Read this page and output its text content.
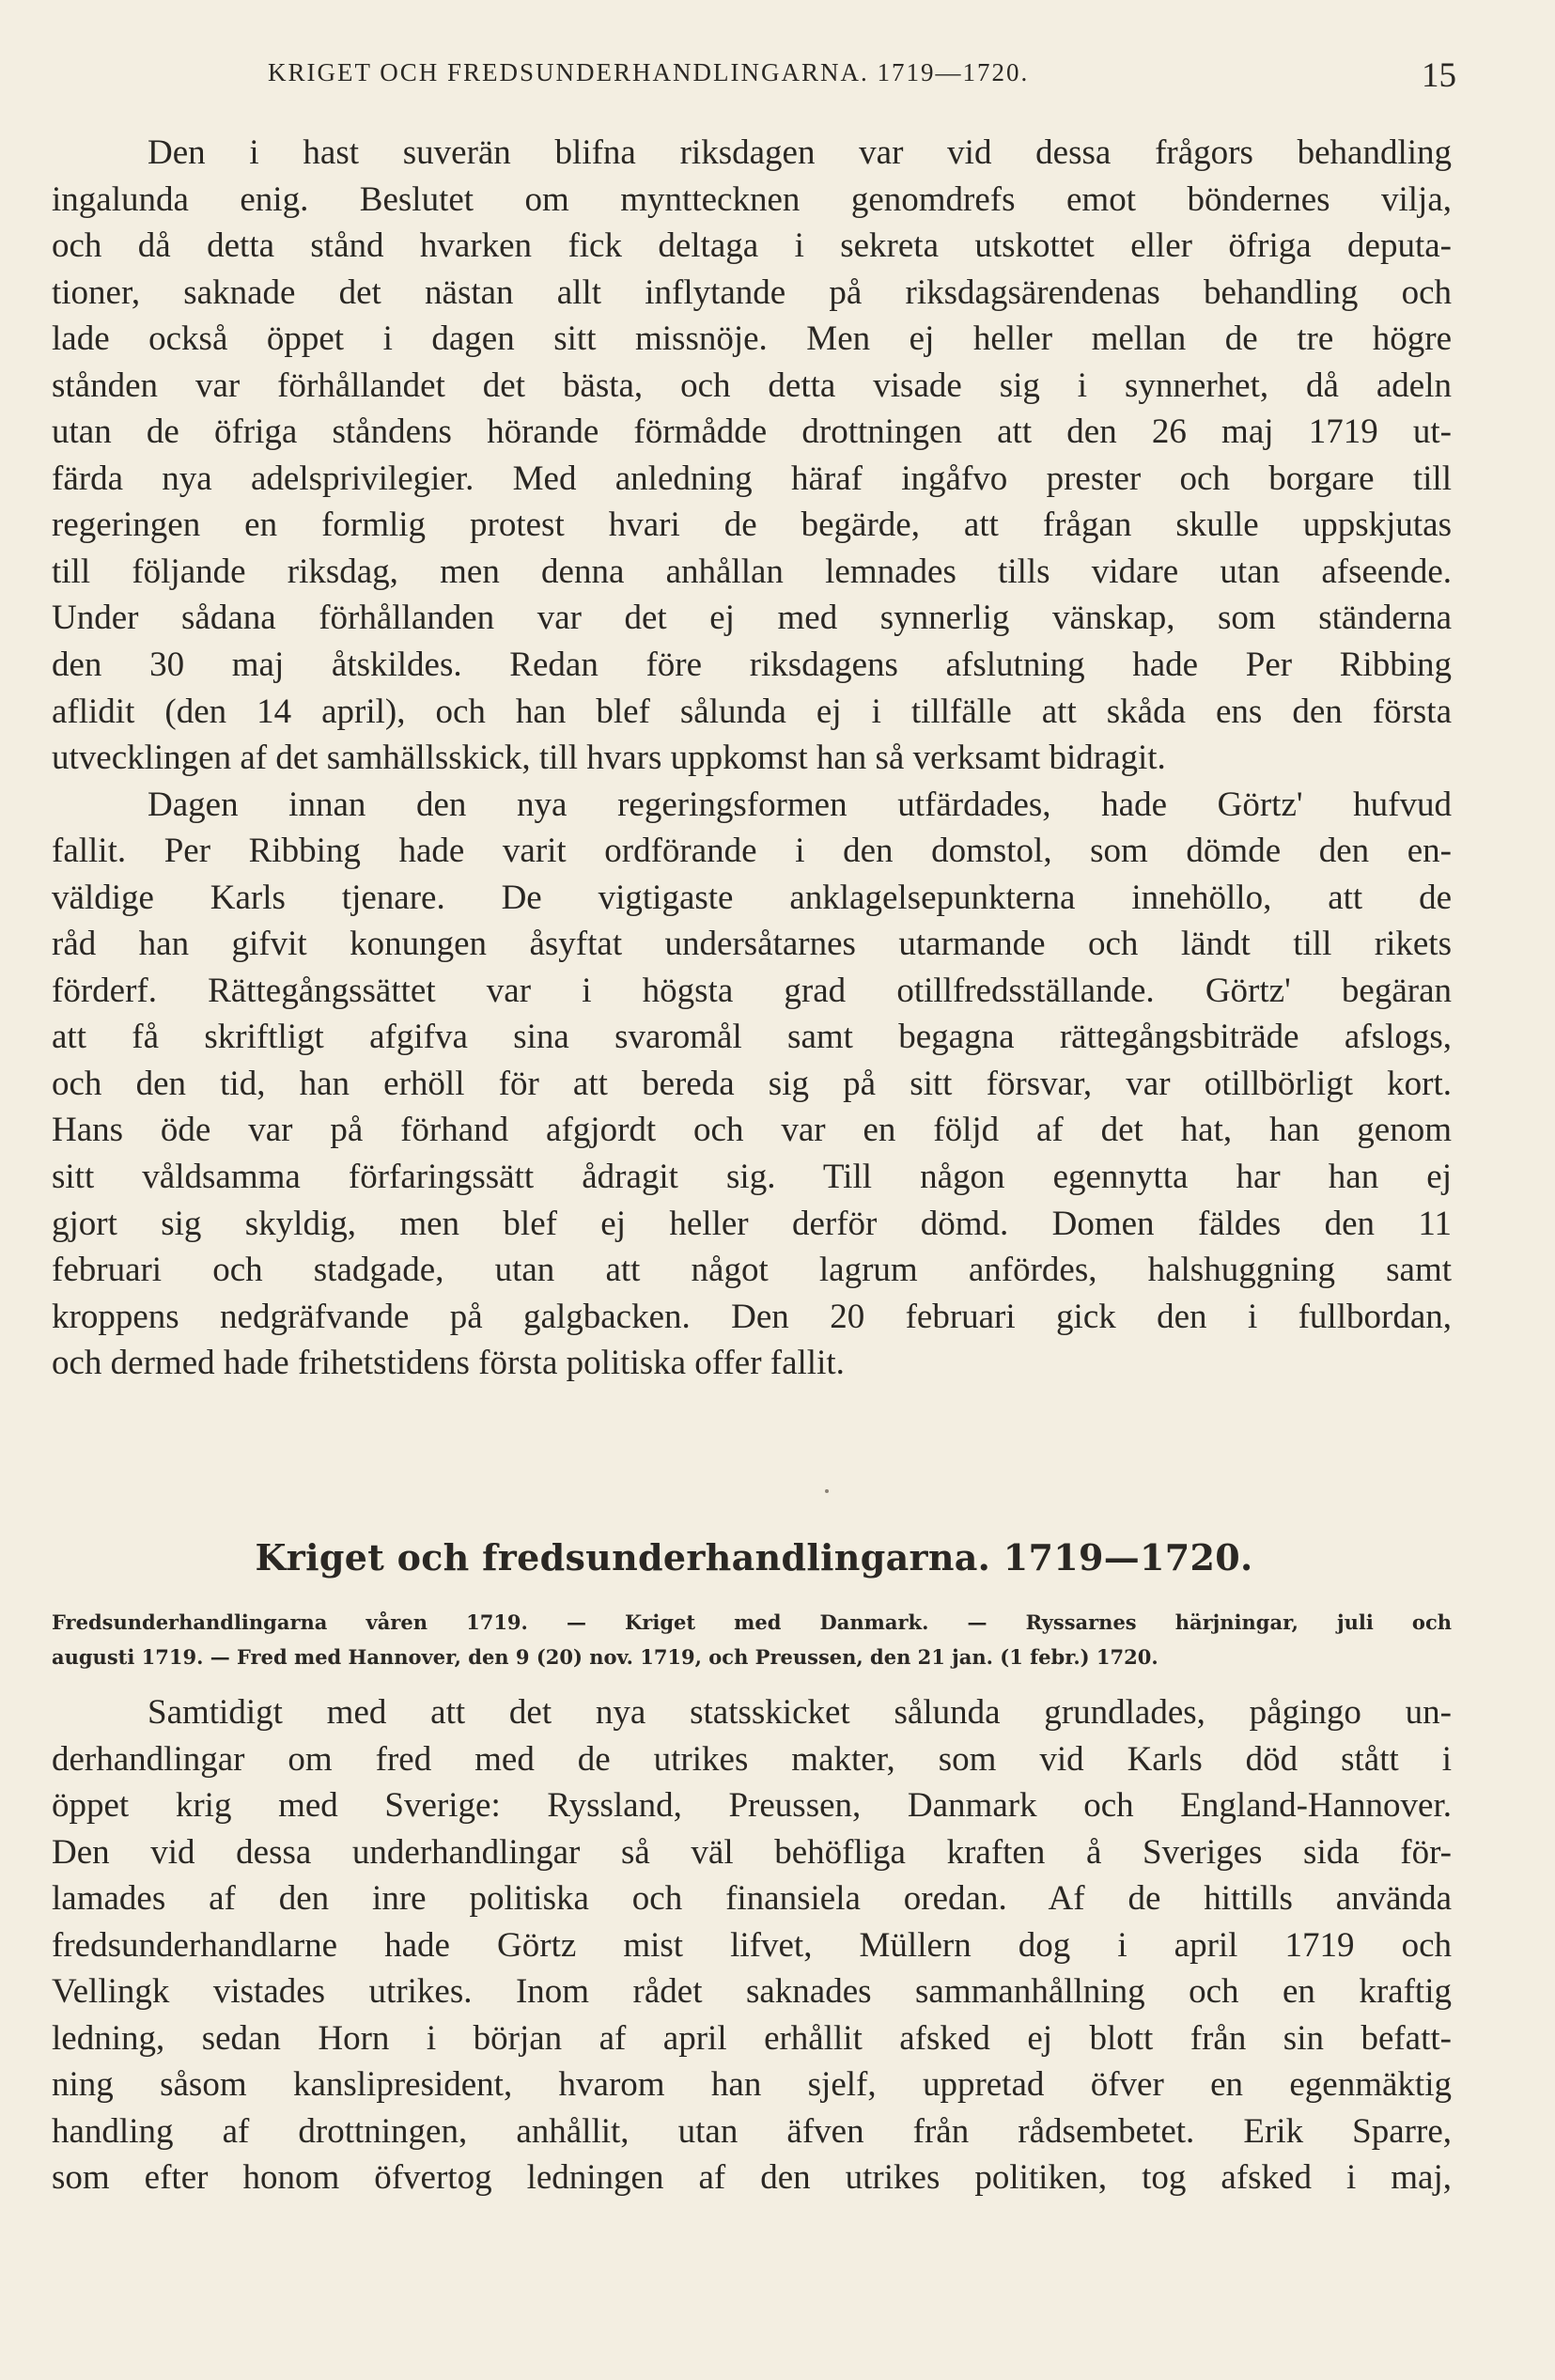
KRIGET OCH FREDSUNDERHANDLINGARNA. 1719—1720.	15
Den i hast suverän blifna riksdagen var vid dessa frågors behandling
ingalunda enig. Beslutet om mynttecknen genomdrefs emot böndernes vilja,
och då detta stånd hvarken fick deltaga i sekreta utskottet eller öfriga deputa-
tioner, saknade det nästan allt inflytande på riksdagsärendenas behandling och
lade också öppet i dagen sitt missnöje. Men ej heller mellan de tre högre
stånden var förhållandet det bästa, och detta visade sig i synnerhet, då adeln
utan de öfriga ståndens hörande förmådde drottningen att den 26 maj 1719 ut-
färda nya adelsprivilegier. Med anledning häraf ingåfvo prester och borgare till
regeringen en formlig protest hvari de begärde, att frågan skulle uppskjutas
till följande riksdag, men denna anhållan lemnades tills vidare utan afseende.
Under sådana förhållanden var det ej med synnerlig vänskap, som ständerna
den 30 maj åtskildes. Redan före riksdagens afslutning hade Per Ribbing
aflidit (den 14 april), och han blef sålunda ej i tillfälle att skåda ens den första
utvecklingen af det samhällsskick, till hvars uppkomst han så verksamt bidragit.
Dagen innan den nya regeringsformen utfärdades, hade Görtz' hufvud
fallit. Per Ribbing hade varit ordförande i den domstol, som dömde den en-
väldige Karls tjenare. De vigtigaste anklagelsepunkterna innehöllo, att de
råd han gifvit konungen åsyftat undersåtarnes utarmande och ländt till rikets
förderf. Rättegångssättet var i högsta grad otillfredsställande. Görtz' begäran
att få skriftligt afgifva sina svaromål samt begagna rättegångsbiträde afslogs,
och den tid, han erhöll för att bereda sig på sitt försvar, var otillbörligt kort.
Hans öde var på förhand afgjordt och var en följd af det hat, han genom
sitt våldsamma förfaringssätt ådragit sig. Till någon egennytta har han ej
gjort sig skyldig, men blef ej heller derför dömd. Domen fäldes den 11
februari och stadgade, utan att något lagrum anfördes, halshuggning samt
kroppens nedgräfvande på galgbacken. Den 20 februari gick den i fullbordan,
och dermed hade frihetstidens första politiska offer fallit.
Kriget och fredsunderhandlingarna. 1719—1720.
Fredsunderhandlingarna våren 1719. — Kriget med Danmark. — Ryssarnes härjningar, juli och
augusti 1719. — Fred med Hannover, den 9 (20) nov. 1719, och Preussen, den 21 jan. (1 febr.) 1720.
Samtidigt med att det nya statsskicket sålunda grundlades, pågingo un-
derhandlingar om fred med de utrikes makter, som vid Karls död stått i
öppet krig med Sverige: Ryssland, Preussen, Danmark och England-Hannover.
Den vid dessa underhandlingar så väl behöfliga kraften å Sveriges sida för-
lamades af den inre politiska och finansiela oredan. Af de hittills använda
fredsunderhandlarne hade Görtz mist lifvet, Müllern dog i april 1719 och
Vellingk vistades utrikes. Inom rådet saknades sammanhållning och en kraftig
ledning, sedan Horn i början af april erhållit afsked ej blott från sin befatt-
ning såsom kanslipresident, hvarom han sjelf, uppretad öfver en egenmäktig
handling af drottningen, anhållit, utan äfven från rådsembetet. Erik Sparre,
som efter honom öfvertog ledningen af den utrikes politiken, tog afsked i maj,
